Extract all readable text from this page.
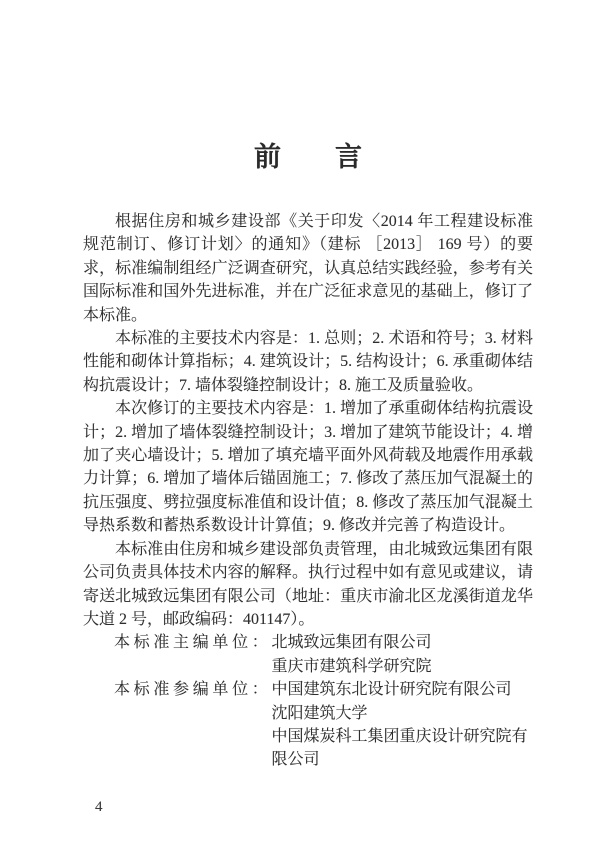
前　　言

根据住房和城乡建设部《关于印发〈2014 年工程建设标准规范制订、修订计划〉的通知》（建标 ［2013］ 169 号）的要求，标准编制组经广泛调查研究，认真总结实践经验，参考有关国际标准和国外先进标准，并在广泛征求意见的基础上，修订了本标准。

本标准的主要技术内容是：1. 总则；2. 术语和符号；3. 材料性能和砌体计算指标；4. 建筑设计；5. 结构设计；6. 承重砌体结构抗震设计；7. 墙体裂缝控制设计；8. 施工及质量验收。

本次修订的主要技术内容是：1. 增加了承重砌体结构抗震设计；2. 增加了墙体裂缝控制设计；3. 增加了建筑节能设计；4. 增加了夹心墙设计；5. 增加了填充墙平面外风荷载及地震作用承载力计算；6. 增加了墙体后锚固施工；7. 修改了蒸压加气混凝土的抗压强度、劈拉强度标准值和设计值；8. 修改了蒸压加气混凝土导热系数和蓄热系数设计计算值；9. 修改并完善了构造设计。

本标准由住房和城乡建设部负责管理，由北城致远集团有限公司负责具体技术内容的解释。执行过程中如有意见或建议，请寄送北城致远集团有限公司（地址：重庆市渝北区龙溪街道龙华大道 2 号，邮政编码：401147）。

本标准主编单位： 北城致远集团有限公司
重庆市建筑科学研究院
本标准参编单位： 中国建筑东北设计研究院有限公司
沈阳建筑大学
中国煤炭科工集团重庆设计研究院有限公司
4
